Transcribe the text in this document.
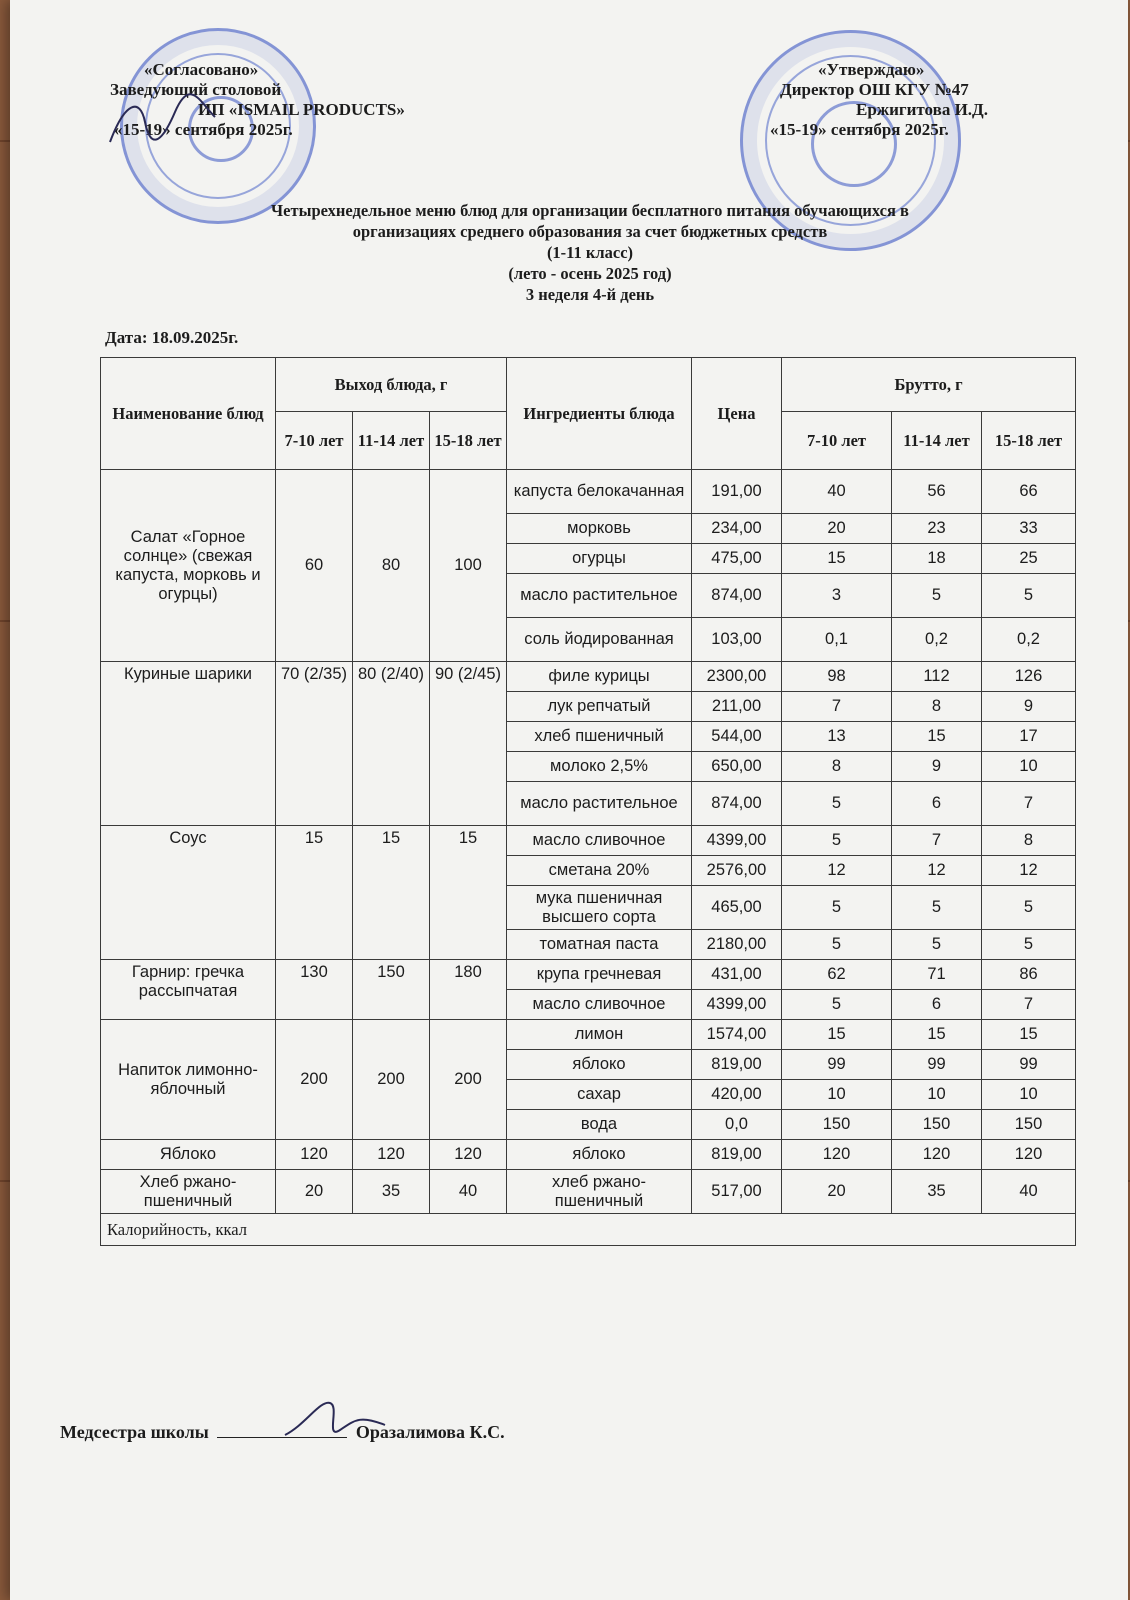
«Согласовано»
Заведующий столовой
ИП «ISMAIL PRODUCTS»
«15-19» сентября 2025г.
«Утверждаю»
Директор ОШ КГУ №47
Ержигитова И.Д.
«15-19» сентября 2025г.
Четырехнедельное меню блюд для организации бесплатного питания обучающихся в
организациях среднего образования за счет бюджетных средств
(1-11 класс)
(лето - осень 2025 год)
3 неделя 4-й день
Дата: 18.09.2025г.
Наименование блюд	Выход блюда, г			Ингредиенты блюда	Цена	Брутто, г		
	7-10 лет	11-14 лет	15-18 лет			7-10 лет	11-14 лет	15-18 лет
Салат «Горное солнце» (свежая капуста, морковь и огурцы)	60	80	100	капуста белокачанная	191,00	40	56	66
				морковь	234,00	20	23	33
				огурцы	475,00	15	18	25
				масло растительное	874,00	3	5	5
				соль йодированная	103,00	0,1	0,2	0,2
Куриные шарики	70 (2/35)	80 (2/40)	90 (2/45)	филе курицы	2300,00	98	112	126
				лук репчатый	211,00	7	8	9
				хлеб пшеничный	544,00	13	15	17
				молоко 2,5%	650,00	8	9	10
				масло растительное	874,00	5	6	7
Соус	15	15	15	масло сливочное	4399,00	5	7	8
				сметана 20%	2576,00	12	12	12
				мука пшеничная высшего сорта	465,00	5	5	5
				томатная паста	2180,00	5	5	5
Гарнир: гречка рассыпчатая	130	150	180	крупа гречневая	431,00	62	71	86
				масло сливочное	4399,00	5	6	7
Напиток лимонно-яблочный	200	200	200	лимон	1574,00	15	15	15
				яблоко	819,00	99	99	99
				сахар	420,00	10	10	10
				вода	0,0	150	150	150
Яблоко	120	120	120	яблоко	819,00	120	120	120
Хлеб ржано-пшеничный	20	35	40	хлеб ржано-пшеничный	517,00	20	35	40
Калорийность, ккал								
Медсестра школы	Оразалимова К.С.
